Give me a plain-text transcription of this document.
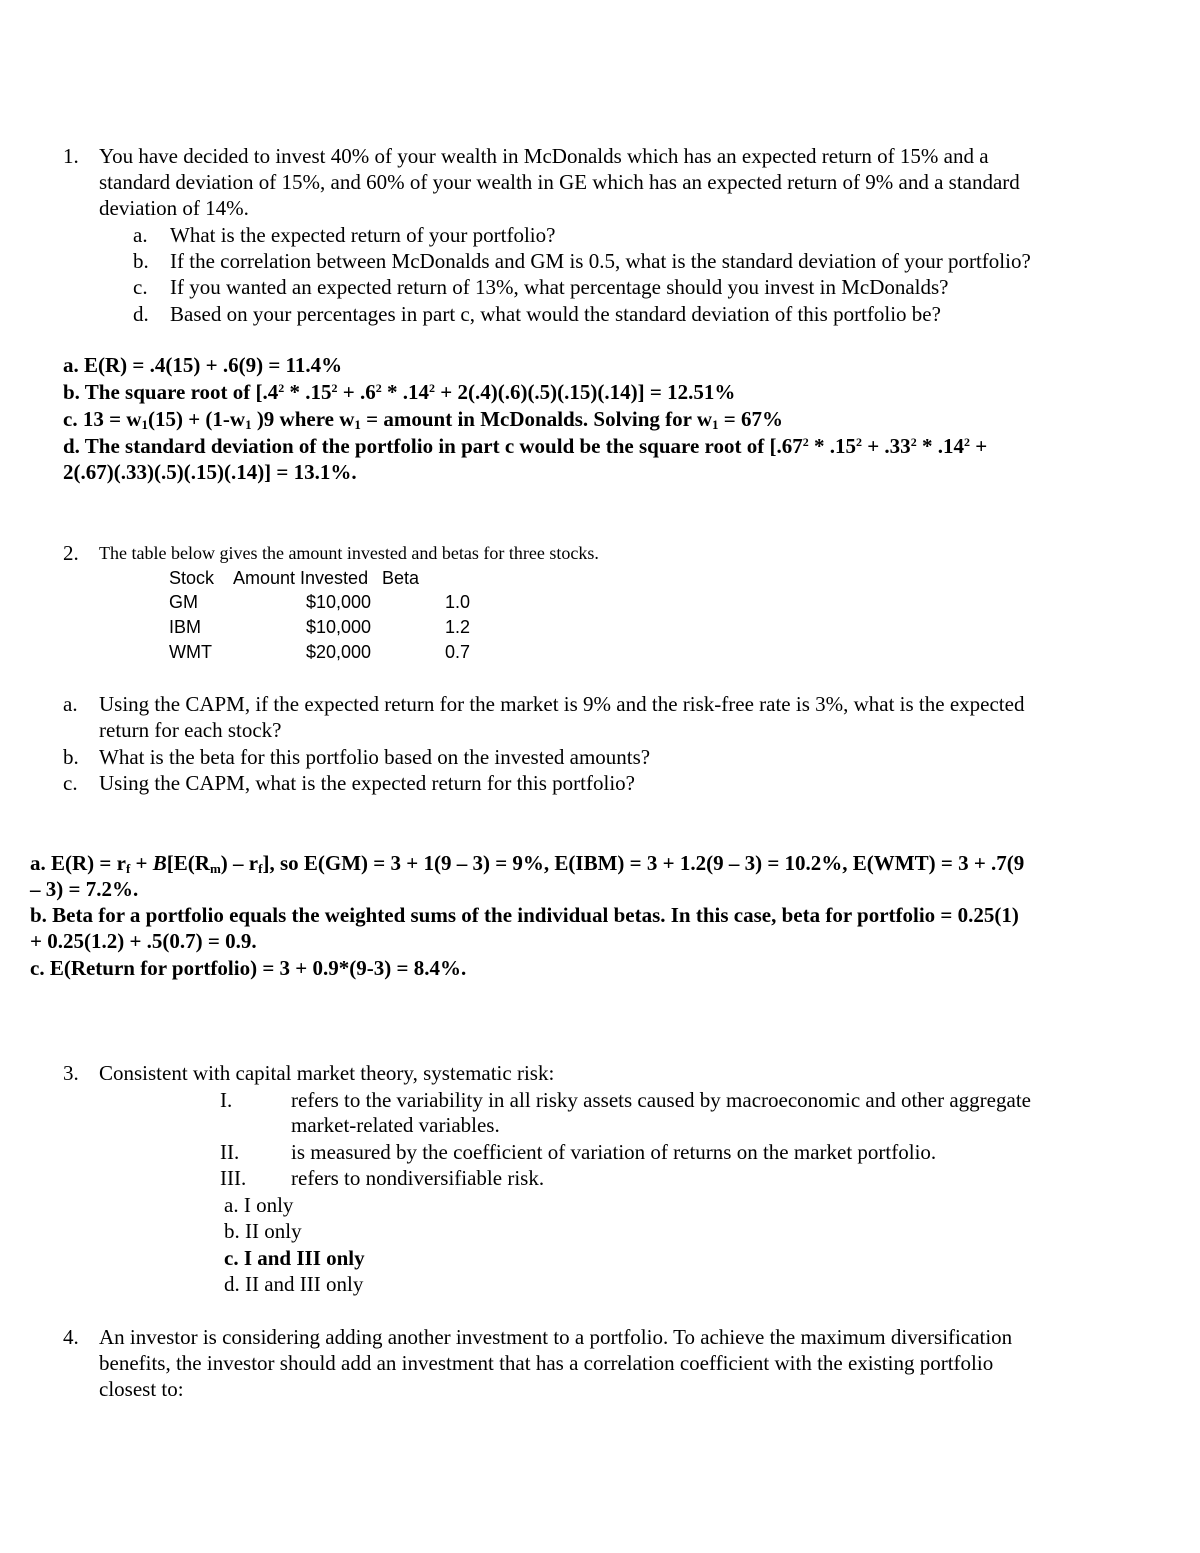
1. You have decided to invest 40% of your wealth in McDonalds which has an expected return of 15% and a
standard deviation of 15%, and 60% of your wealth in GE which has an expected return of 9% and a standard
deviation of 14%.
a. What is the expected return of your portfolio?
b. If the correlation between McDonalds and GM is 0.5, what is the standard deviation of your portfolio?
c. If you wanted an expected return of 13%, what percentage should you invest in McDonalds?
d. Based on your percentages in part c, what would the standard deviation of this portfolio be?
a. E(R) = .4(15) + .6(9) = 11.4%
b. The square root of $[.4^2 * .15^2 + .6^2 * .14^2 + 2(.4)(.6)(.5)(.15)(.14)] = 12.51\%$
c. $13 = w_1(15) + (1-w_1$ )9 where $w_1$ = amount in McDonalds. Solving for $w_1 = 67\%$
d. The standard deviation of the portfolio in part c would be the square root of [$.67^2 * .15^2 + .33^2 * .14^2$ +
2(.67)(.33)(.5)(.15)(.14)] = 13.1%.
2. The table below gives the amount invested and betas for three stocks.
Stock Amount Invested Beta
GM	$10,000	1.0
IBM	$10,000	1.2
WMT	$20,000	0.7
a. Using the CAPM, if the expected return for the market is 9% and the risk-free rate is 3%, what is the expected
return for each stock?
b. What is the beta for this portfolio based on the invested amounts?
c. Using the CAPM, what is the expected return for this portfolio?
a. $E(R) = r_f + B[E(R_m) - r_f]$, so E(GM) = 3 + 1(9 – 3) = 9%, E(IBM) = 3 + 1.2(9 – 3) = 10.2%, E(WMT) = 3 + .7(9
– 3) = 7.2%.
b. Beta for a portfolio equals the weighted sums of the individual betas. In this case, beta for portfolio = 0.25(1)
+ 0.25(1.2) + .5(0.7) = 0.9.
c. E(Return for portfolio) = 3 + 0.9*(9-3) = 8.4%.
3. Consistent with capital market theory, systematic risk:
I.	refers to the variability in all risky assets caused by macroeconomic and other aggregate
market-related variables.
II. is measured by the coefficient of variation of returns on the market portfolio.
III. refers to nondiversifiable risk.
a. I only
b. II only
c. I and III only
d. II and III only
4. An investor is considering adding another investment to a portfolio. To achieve the maximum diversification
benefits, the investor should add an investment that has a correlation coefficient with the existing portfolio
closest to:
